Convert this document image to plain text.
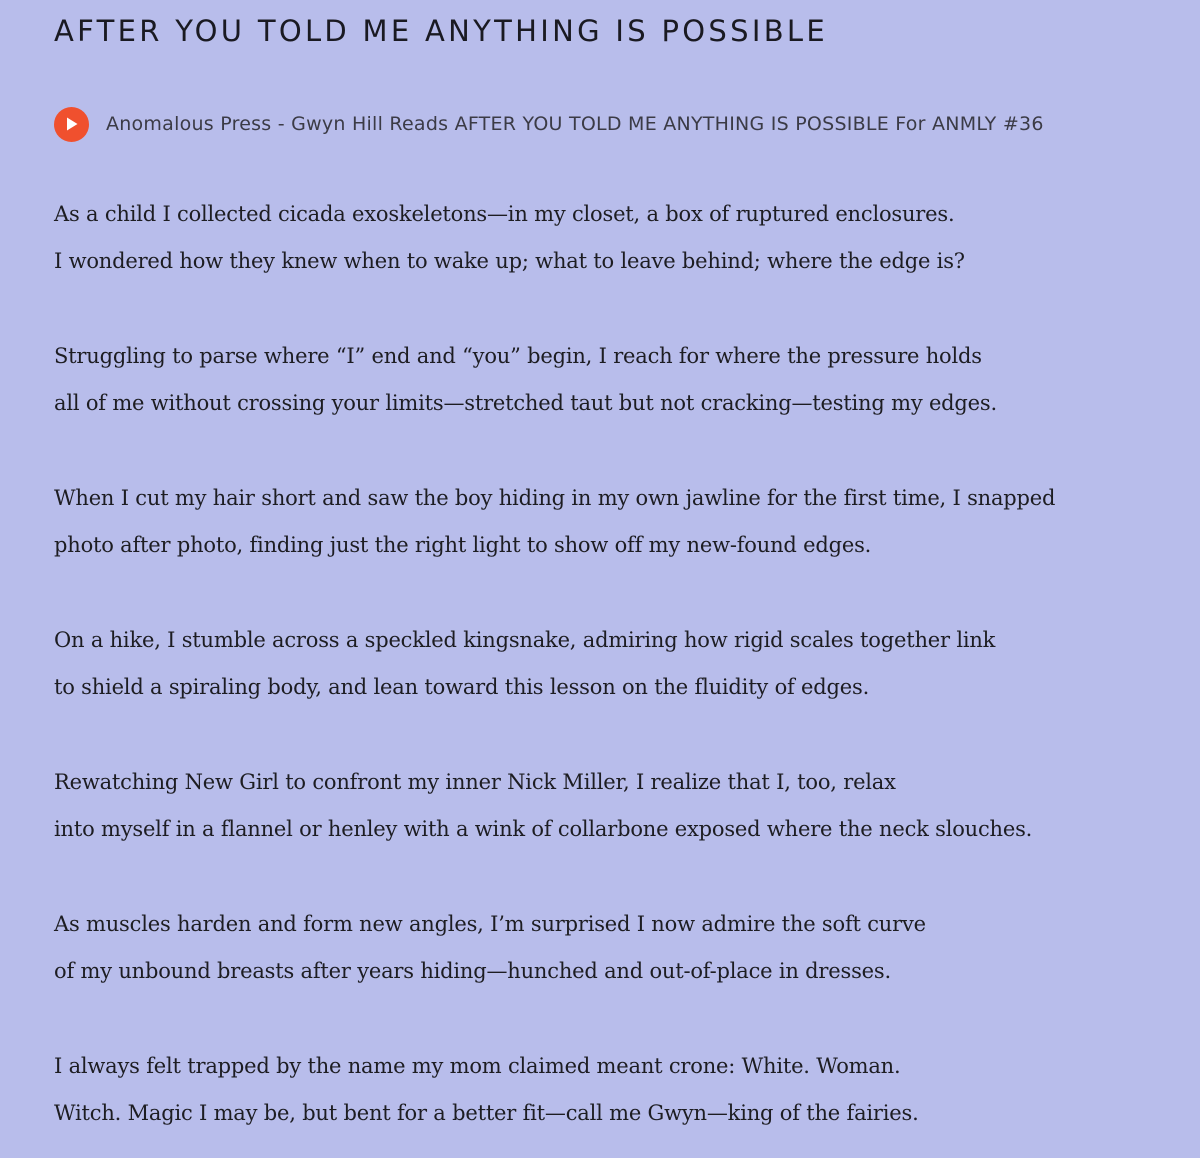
AFTER YOU TOLD ME ANYTHING IS POSSIBLE
Anomalous Press - Gwyn Hill Reads AFTER YOU TOLD ME ANYTHING IS POSSIBLE For ANMLY #36

As a child I collected cicada exoskeletons—in my closet, a box of ruptured enclosures.
I wondered how they knew when to wake up; what to leave behind; where the edge is?

Struggling to parse where “I” end and “you” begin, I reach for where the pressure holds
all of me without crossing your limits—stretched taut but not cracking—testing my edges.

When I cut my hair short and saw the boy hiding in my own jawline for the first time, I snapped
photo after photo, finding just the right light to show off my new-found edges.

On a hike, I stumble across a speckled kingsnake, admiring how rigid scales together link
to shield a spiraling body, and lean toward this lesson on the fluidity of edges.

Rewatching New Girl to confront my inner Nick Miller, I realize that I, too, relax
into myself in a flannel or henley with a wink of collarbone exposed where the neck slouches.

As muscles harden and form new angles, I’m surprised I now admire the soft curve
of my unbound breasts after years hiding—hunched and out-of-place in dresses.

I always felt trapped by the name my mom claimed meant crone: White. Woman.
Witch. Magic I may be, but bent for a better fit—call me Gwyn—king of the fairies.
